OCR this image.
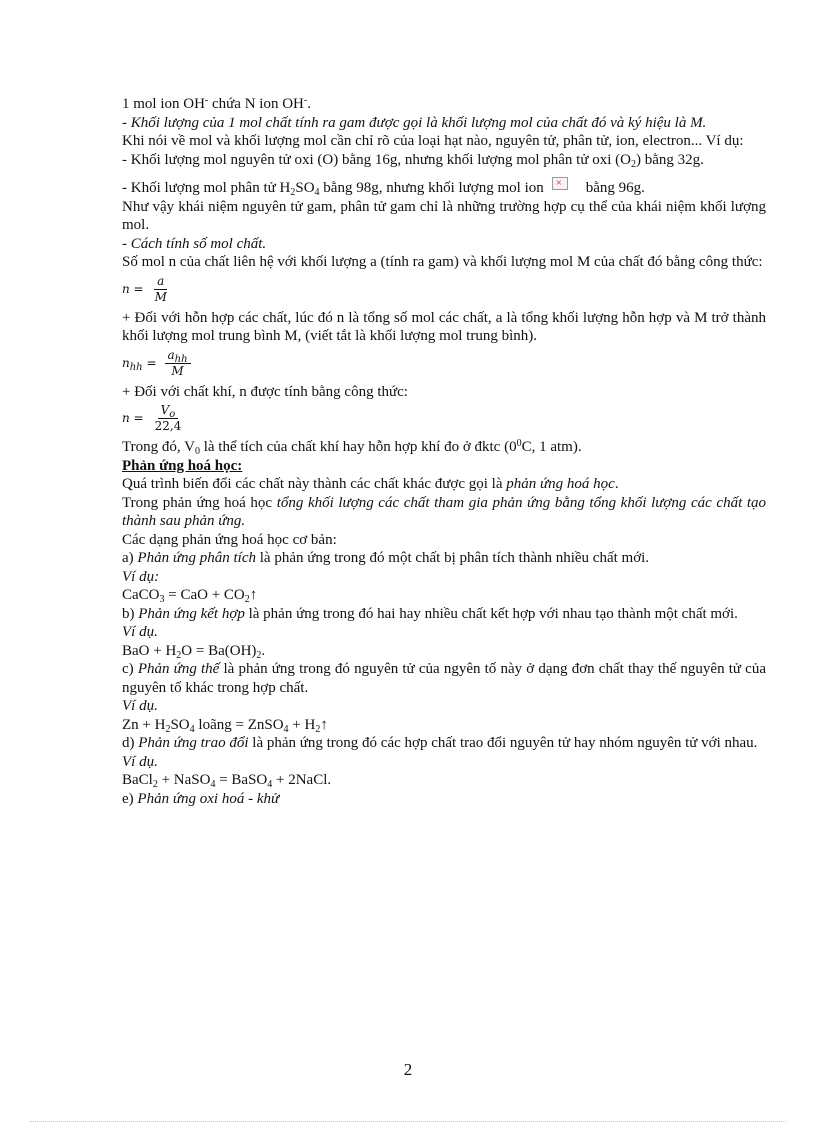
1 mol ion OH- chứa N ion OH-.

- Khối lượng của 1 mol chất tính ra gam được gọi là khối lượng mol của chất đó và ký hiệu là M.

Khi nói về mol và khối lượng mol cần chỉ rõ của loại hạt nào, nguyên tử, phân tử, ion, electron... Ví dụ:

- Khối lượng mol nguyên tử oxi (O) bằng 16g, nhưng khối lượng mol phân tử oxi $(O_2)$ bằng 32g.

- Khối lượng mol phân tử $H_2SO_4$ bằng 98g, nhưng khối lượng mol ion ×	bằng 96g.

Như vậy khái niệm nguyên tử gam, phân tử gam chỉ là những trường hợp cụ thể của khái niệm khối lượng mol.

- Cách tính số mol chất.

Số mol n của chất liên hệ với khối lượng a (tính ra gam) và khối lượng mol M của chất đó bằng công thức:

$n = \frac{a}{M}$

+ Đối với hỗn hợp các chất, lúc đó n là tổng số mol các chất, a là tổng khối lượng hỗn hợp và M trở thành khối lượng mol trung bình M, (viết tắt là khối lượng mol trung bình).

$n_{hh} = \frac{a_{hh}}{M}$

+ Đối với chất khí, n được tính bằng công thức:

$n = \frac{V_o}{22,4}$

Trong đó, $V_0$ là thể tích của chất khí hay hỗn hợp khí đo ở đktc ($0^0C$, 1 atm).

Phản ứng hoá học:

Quá trình biến đổi các chất này thành các chất khác được gọi là phản ứng hoá học.

Trong phản ứng hoá học tổng khối lượng các chất tham gia phản ứng bằng tổng khối lượng các chất tạo thành sau phản ứng.

Các dạng phản ứng hoá học cơ bản:

a) Phản ứng phân tích là phản ứng trong đó một chất bị phân tích thành nhiều chất mới.

Ví dụ:

CaCO$_3$ = CaO + $CO_2↑$

b) Phản ứng kết hợp là phản ứng trong đó hai hay nhiều chất kết hợp với nhau tạo thành một chất mới.

Ví dụ.

BaO + $H_2O = Ba(OH)_2$.

c) Phản ứng thế là phản ứng trong đó nguyên tử của ngyên tố này ở dạng đơn chất thay thế nguyên tử của nguyên tố khác trong hợp chất.

Ví dụ.

$Zn + H_2SO_4$ loãng = ZnSO$_4$ + $H_2↑$

d) Phản ứng trao đổi là phản ứng trong đó các hợp chất trao đổi nguyên tử hay nhóm nguyên tử với nhau.

Ví dụ.

BaCl$_2$ + NaSO$_4$ = BaSO$_4$ + 2NaCl.

e) Phản ứng oxi hoá - khử

2
